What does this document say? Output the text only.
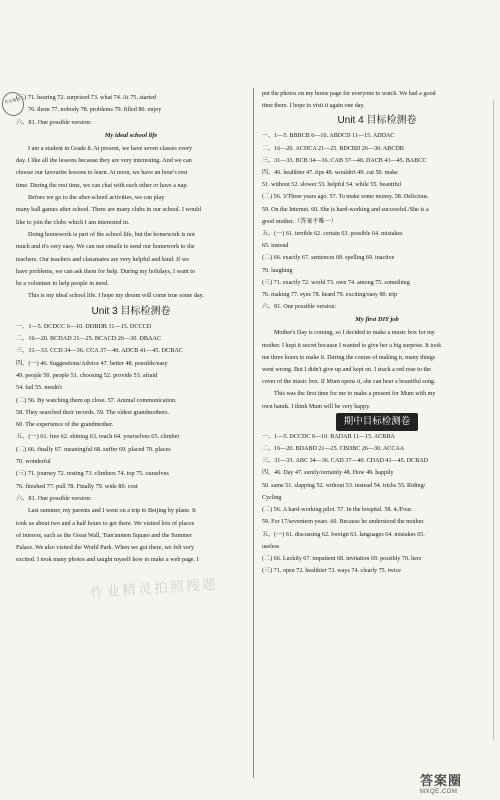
作业精灵
(三) 71. hearing 72. surprised 73. what 74. At 75. started
76. them 77. nobody 78. problems 79. filled 80. enjoy
六、81. One possible version:
My ideal school life
I am a student in Grade 8. At present, we have seven classes every
day. I like all the lessons because they are very interesting. And we can
choose our favourite lessons to learn. At noon, we have an hour's rest
time. During the rest time, we can chat with each other or have a nap.
Before we go to the after-school activities, we can play
many ball games after school. There are many clubs in our school. I would
like to join the clubs which I am interested in.
Doing homework is part of the school life, but the homework is not
much and it's very easy. We can use emails to send our homework to the
teachers. Our teachers and classmates are very helpful and kind. If we
have problems, we can ask them for help. During my holidays, I want to
be a volunteer to help people in need.
This is my ideal school life. I hope my dream will come true some day.
Unit 3 目标检测卷
一、1—5. DCDCC 6—10. DDBDB 11—15. DCCCD
二、16—20. BCDAD 21—25. BCACD 26—30. DBAAC
三、31—33. CCD 34—36. CCA 37—40. ADCB 41—45. DCBAC
四、(一) 46. Suggestions/Advice 47. better 48. possible/easy
49. people 50. people 51. choosing 52. provide 53. afraid
54. fail 55. needn't
(二) 56. By watching them up close. 57. Animal communication.
58. They searched their records. 59. The oldest grandmothers.
60. The experience of the grandmother.
五、(一) 61. free 62. shining 63. reach 64. yourselves 65. climber
(二) 66. finally 67. meaningful 68. suffer 69. placed 70. places
70. wonderful
(三) 71. journey 72. resting 73. climbers 74. top 75. ourselves
76. finished 77. pull 78. Finally 79. wide 80. cost
六、81. One possible version:
Last summer, my parents and I went on a trip to Beijing by plane. It
took us about two and a half hours to get there. We visited lots of places
of interest, such as the Great Wall, Tian'anmen Square and the Summer
Palace. We also visited the World Park. When we got there, we felt very
excited. I took many photos and taught myself how to make a web page. I
作业精灵拍照搜题
put the photos on my home page for everyone to watch. We had a good
time there. I hope to visit it again one day.
Unit 4 目标检测卷
一、1—5. BBBCB 6—10. ABDCD 11—15. ADDAC
二、16—20. ACDCA 21—25. BDCBD 26—30. ABCDB
三、31—33. BCB 34—36. CAB 37—40. DACB 41—45. BABCC
四、46. healthier 47. tips 48. wouldn't 49. cut 50. make
51. without 52. slower 53. helpful 54. while 55. beautiful
(二) 56. 3/Three years ago. 57. To make some money. 58. Delicious.
59. On the Internet. 60. She is hard-working and successful./She is a
good mother.（答案不唯一）
五、(一) 61. terrible 62. certain 63. possible 64. mistakes
65. instead
(二) 66. exactly 67. sentences 68. spelling 69. inactive
70. laughing
(三) 71. exactly 72. world 73. own 74. among 75. something
76. making 77. eyes 78. heard 79. exciting/easy 80. trip
六、81. One possible version:
My first DIY job
Mother's Day is coming, so I decided to make a music box for my
mother. I kept it secret because I wanted to give her a big surprise. It took
me three hours to make it. During the course of making it, many things
went wrong. But I didn't give up and kept on. I stuck a red rose to the
cover of the music box. If Mum opens it, she can hear a beautiful song.
This was the first time for me to make a present for Mum with my
own hands. I think Mum will be very happy.
期中目标检测卷
一、1—5. DCCDC 6—10. BADAB 11—15. ACBBA
二、16—20. BDABD 21—25. CBDBC 26—30. ACCAA
三、31—33. ABC 34—36. CAD 37—40. CDAD 41—45. DCBAD
四、46. Day 47. surely/certainly 48. How 49. happily
50. same 51. slapping 52. without 53. instead 54. tricks 55. Riding/
Cycling
(二) 56. A hard-working pilot. 57. In the hospital. 58. 4./Four.
59. For 17/seventeen years. 60. Because he understood the mother.
五、(一) 61. discussing 62. foreign 63. languages 64. mistakes 65.
useless
(二) 66. Luckily 67. impatient 68. invitation 69. possibly 70. hers
(三) 71. open 72. healthier 73. ways 74. clearly 75. twice
答案圈
MXQE.COM
